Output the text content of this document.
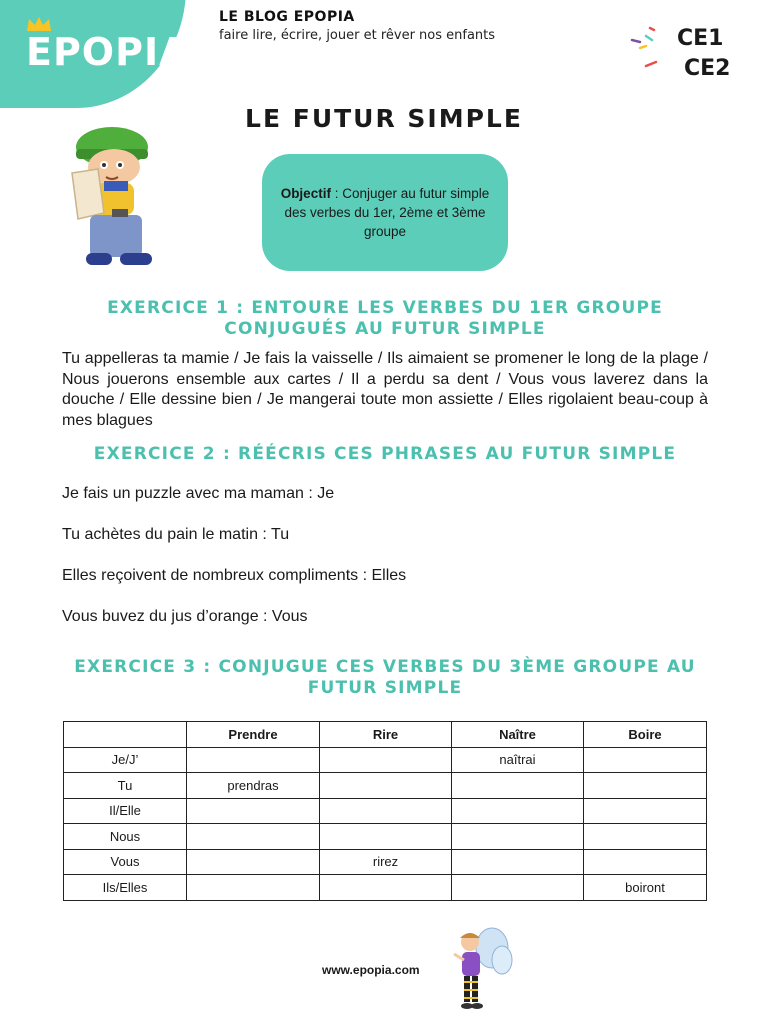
EPOPIA
LE BLOG EPOPIA
faire lire, écrire, jouer et rêver nos enfants	CE1
CE2
LE FUTUR SIMPLE

Objectif : Conjuger au futur simple des verbes du 1er, 2ème et 3ème groupe

EXERCICE 1 : ENTOURE LES VERBES DU 1ER GROUPE CONJUGUÉS AU FUTUR SIMPLE
Tu appelleras ta mamie / Je fais la vaisselle / Ils aimaient se promener le long de la plage / Nous jouerons ensemble aux cartes / Il a perdu sa dent / Vous vous laverez dans la douche / Elle dessine bien / Je mangerai toute mon assiette / Elles rigolaient beau-coup à mes blagues
EXERCICE 2 : RÉÉCRIS CES PHRASES AU FUTUR SIMPLE
Je fais un puzzle avec ma maman : Je
Tu achètes du pain le matin : Tu
Elles reçoivent de nombreux compliments : Elles
Vous buvez du jus d’orange : Vous
EXERCICE 3 : CONJUGUE CES VERBES DU 3ÈME GROUPE AU FUTUR SIMPLE
	Prendre	Rire	Naître	Boire
Je/J’			naîtrai	
Tu	prendras			
Il/Elle				
Nous				
Vous		rirez		
Ils/Elles				boiront
www.epopia.com
